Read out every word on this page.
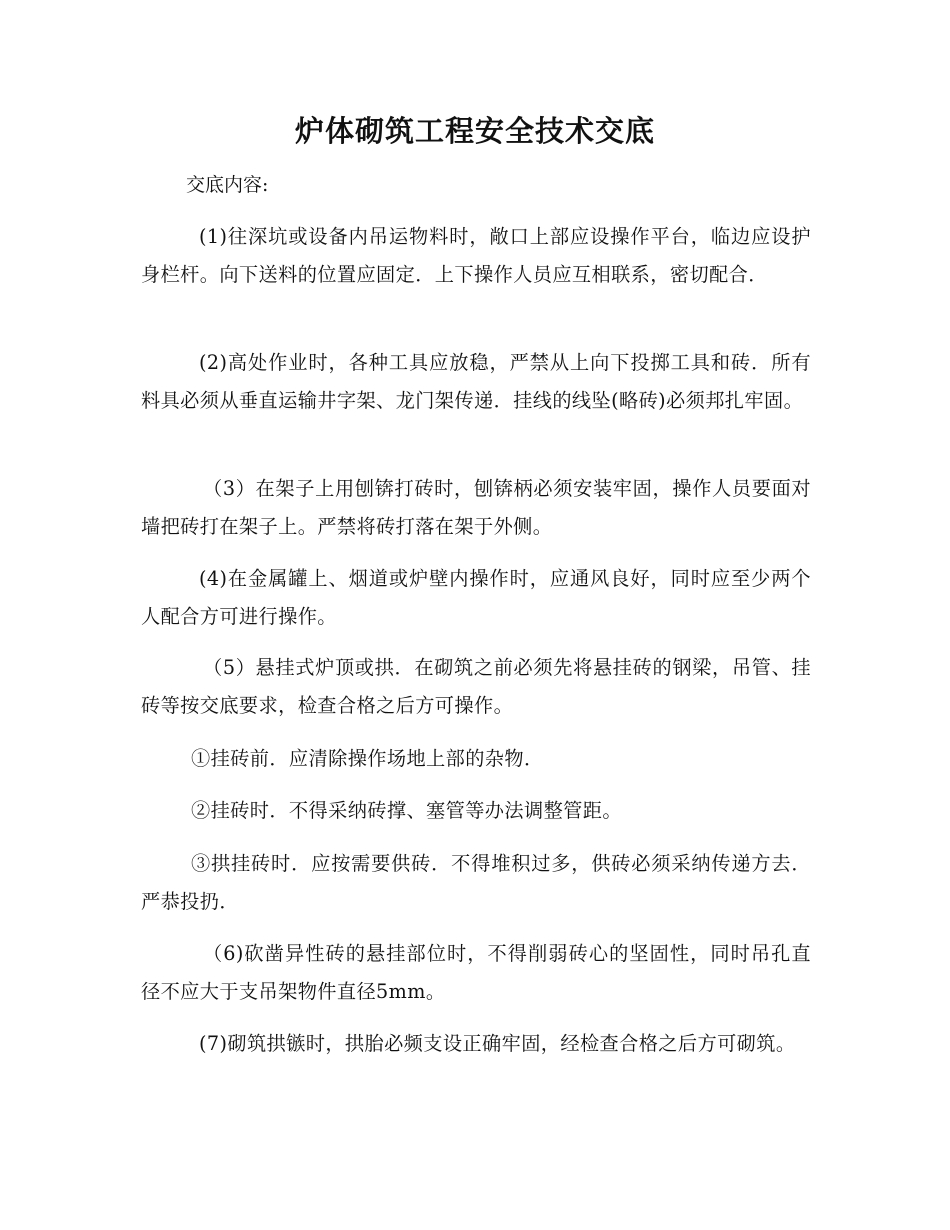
炉体砌筑工程安全技术交底

交底内容:

(1)往深坑或设备内吊运物料时，敞口上部应设操作平台，临边应设护身栏杆。向下送料的位置应固定．上下操作人员应互相联系，密切配合．

(2)高处作业时，各种工具应放稳，严禁从上向下投掷工具和砖．所有料具必须从垂直运输井字架、龙门架传递．挂线的线坠(略砖)必须邦扎牢固。

（3）在架子上用刨锛打砖时，刨锛柄必须安装牢固，操作人员要面对墙把砖打在架子上。严禁将砖打落在架于外侧。

(4)在金属罐上、烟道或炉壁内操作时，应通风良好，同时应至少两个人配合方可进行操作。

（5）悬挂式炉顶或拱．在砌筑之前必须先将悬挂砖的钢梁，吊管、挂砖等按交底要求，检查合格之后方可操作。

①挂砖前．应清除操作场地上部的杂物．

②挂砖时．不得采纳砖撑、塞管等办法调整管距。

③拱挂砖时．应按需要供砖．不得堆积过多，供砖必须采纳传递方去．严恭投扔．

（6)砍凿异性砖的悬挂部位时，不得削弱砖心的坚固性，同时吊孔直径不应大于支吊架物件直径5mm。

(7)砌筑拱镞时，拱胎必频支设正确牢固，经检查合格之后方可砌筑。
